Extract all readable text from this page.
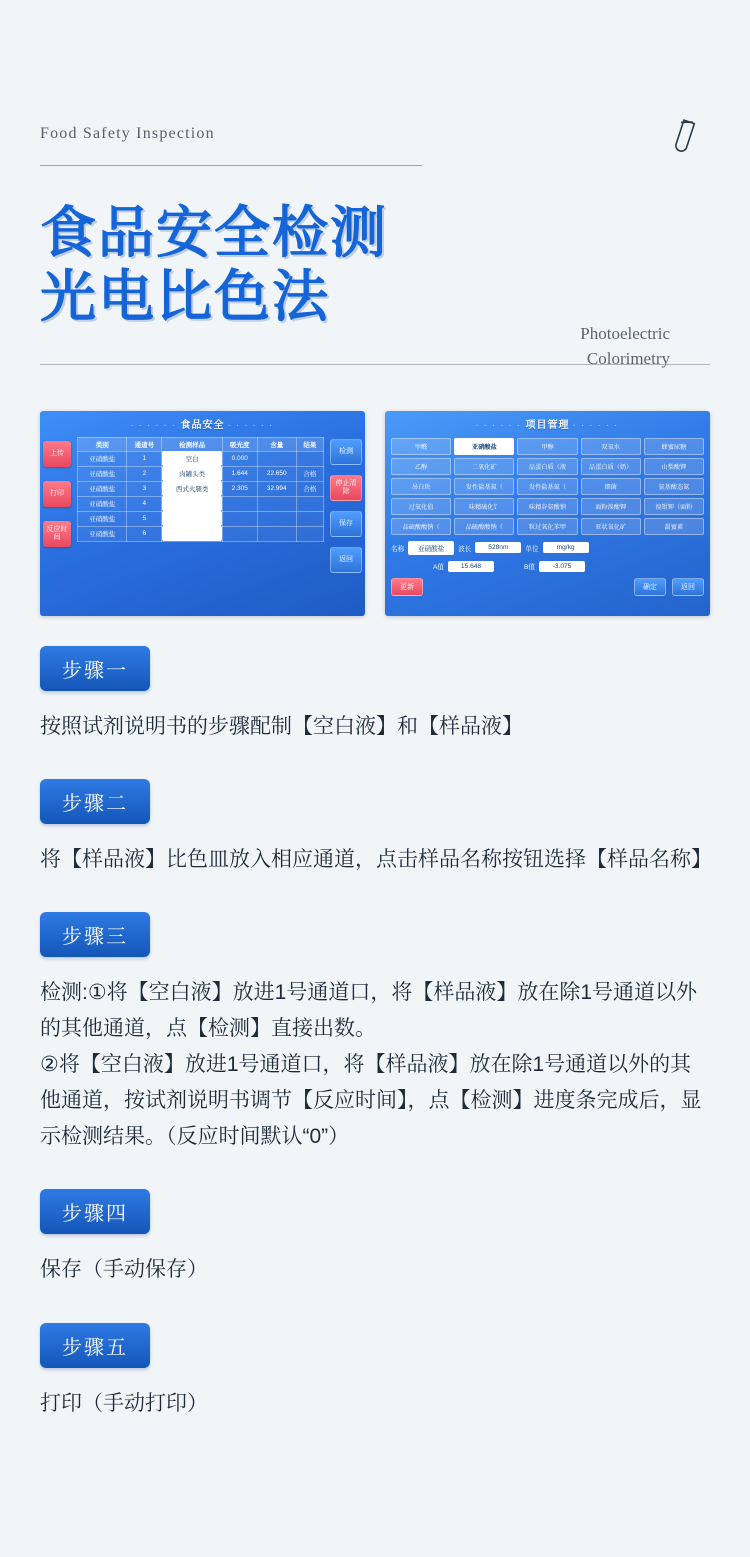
Food Safety Inspection
食品安全检测
光电比色法
Photoelectric
Colorimetry
· · · · · · 食品安全 · · · · · ·
上传
打印
反应时间
类别	通道号	检测样品	吸光度	含量	结果
亚硝酸盐	1	空白	0.000		
亚硝酸盐	2	肉罐头类	1.644	22.650	合格
亚硝酸盐	3	西式火腿类	2.305	32.994	合格
亚硝酸盐	4				
亚硝酸盐	5				
亚硝酸盐	6				
检测
停止清除
保存
返回
· · · · · · 项目管理 · · · · · ·
甲醛	亚硝酸盐	甲醇	双氧水	蜂蜜尿糖
乙醇	二氧化矿	品蛋白质（液	品蛋白质（奶）	山梨酸钾
吊白块	发性盐基氮（	发性盐基氮（	细菌	氨基酸态氮
过氧化值	味精硫化饣	味精谷氨酸钠	面粉溴酸钾	溴钼钾（面粉
品硫酸酸钠（	品硫酸酸钠（	粒过氧化苯甲	亚状氧化矿	甜蜜素
名称	亚硝酸盐	波长	528nm	单位	mg/kg
A值	15.648	B值	-3.075
更新	确定	返回
步骤一

按照试剂说明书的步骤配制【空白液】和【样品液】

步骤二

将【样品液】比色皿放入相应通道，点击样品名称按钮选择【样品名称】

步骤三

检测:①将【空白液】放进1号通道口，将【样品液】放在除1号通道以外的其他通道，点【检测】直接出数。

②将【空白液】放进1号通道口，将【样品液】放在除1号通道以外的其他通道，按试剂说明书调节【反应时间】，点【检测】进度条完成后，显示检测结果。（反应时间默认“0”）

步骤四

保存（手动保存）

步骤五

打印（手动打印）
